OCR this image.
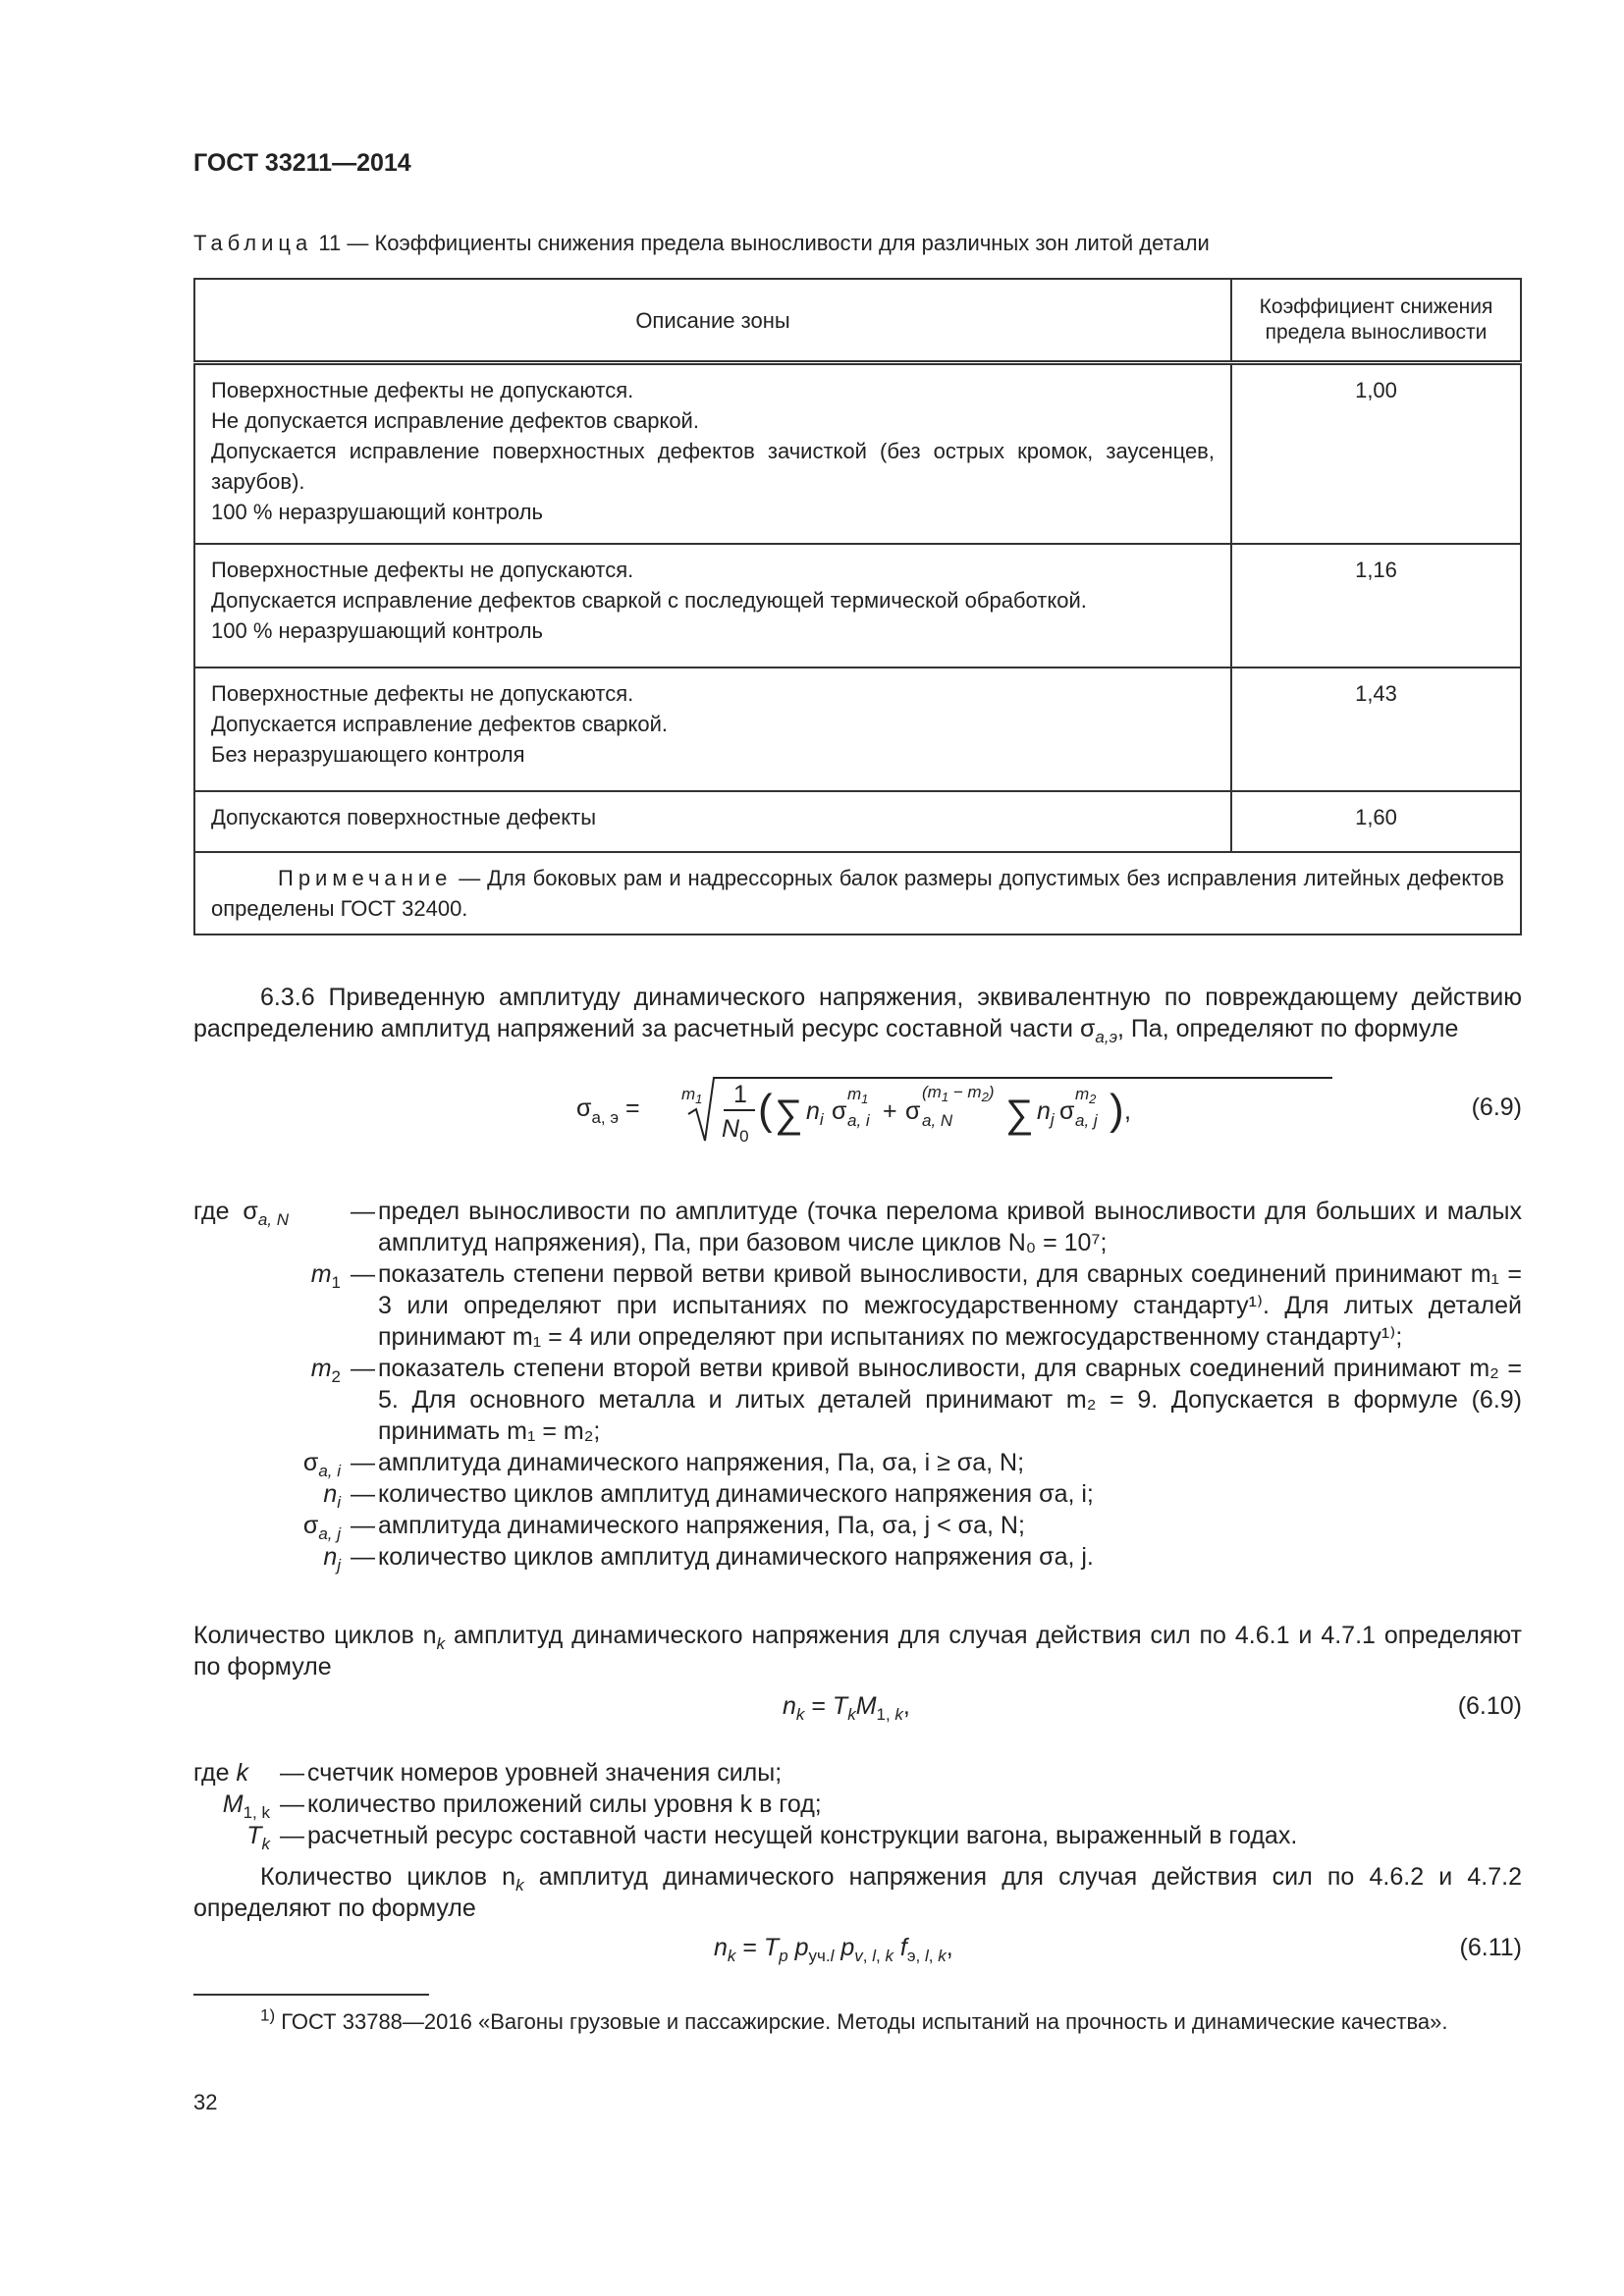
ГОСТ 33211—2014
Таблица 11 — Коэффициенты снижения предела выносливости для различных зон литой детали
Описание зоны	Коэффициент снижения
предела выносливости
Поверхностные дефекты не допускаются.
Не допускается исправление дефектов сваркой.
Допускается исправление поверхностных дефектов зачисткой (без острых кромок, заусенцев, зарубов).
100 % неразрушающий контроль	1,00
Поверхностные дефекты не допускаются.
Допускается исправление дефектов сваркой с последующей термической обработкой.
100 % неразрушающий контроль	1,16
Поверхностные дефекты не допускаются.
Допускается исправление дефектов сваркой.
Без неразрушающего контроля	1,43
Допускаются поверхностные дефекты	1,60
Примечание — Для боковых рам и надрессорных балок размеры допустимых без исправления литейных дефектов определены ГОСТ 32400.	
6.3.6 Приведенную амплитуду динамического напряжения, эквивалентную по повреждающему действию распределению амплитуд напряжений за расчетный ресурс составной части $\sigma_{a,э}$, Па, определяют по формуле
$\sigma_{а, э}$ =
$m_1$ 1
$N_0$
( ∑ $n_i$ σ
$m_1$
a, i + σ
$(m_1 - m_2)$
a, N ∑ $n_j$ σ
$m_2$
a, j ) ,	(6.9)
где $\sigma_{a, N}$	— предел выносливости по амплитуде (точка перелома кривой выносливости для больших и малых амплитуд напряжения), Па, при базовом числе циклов N₀ = 10⁷;
$m_1$ — показатель степени первой ветви кривой выносливости, для сварных соединений принимают m₁ = 3 или определяют при испытаниях по межгосударственному стандарту¹⁾. Для литых деталей принимают m₁ = 4 или определяют при испытаниях по межгосударственному стандарту¹⁾;
$m_2$ — показатель степени второй ветви кривой выносливости, для сварных соединений принимают m₂ = 5. Для основного металла и литых деталей принимают m₂ = 9. Допускается в формуле (6.9) принимать m₁ = m₂;
$\sigma_{a, i}$ — амплитуда динамического напряжения, Па, σa, i ≥ σa, N;
$n_i$ — количество циклов амплитуд динамического напряжения σa, i;
$\sigma_{a, j}$ — амплитуда динамического напряжения, Па, σa, j < σa, N;
$n_j$ — количество циклов амплитуд динамического напряжения σa, j.
Количество циклов $n_k$ амплитуд динамического напряжения для случая действия сил по 4.6.1 и 4.7.1 определяют по формуле
$n_k = T_kM_{1, k}$,	(6.10)
где k	— счетчик номеров уровней значения силы;
$M_{1, k}$ — количество приложений силы уровня k в год;
$T_k$ — расчетный ресурс составной части несущей конструкции вагона, выраженный в годах.
Количество циклов $n_k$ амплитуд динамического напряжения для случая действия сил по 4.6.2 и 4.7.2 определяют по формуле
$n_k = T_p$ $p_{уч.l}$ $p_{v, l, k}$ $f_{э, l, k}$,	(6.11)
$^{1)}$ ГОСТ 33788—2016 «Вагоны грузовые и пассажирские. Методы испытаний на прочность и динамические качества».
32
